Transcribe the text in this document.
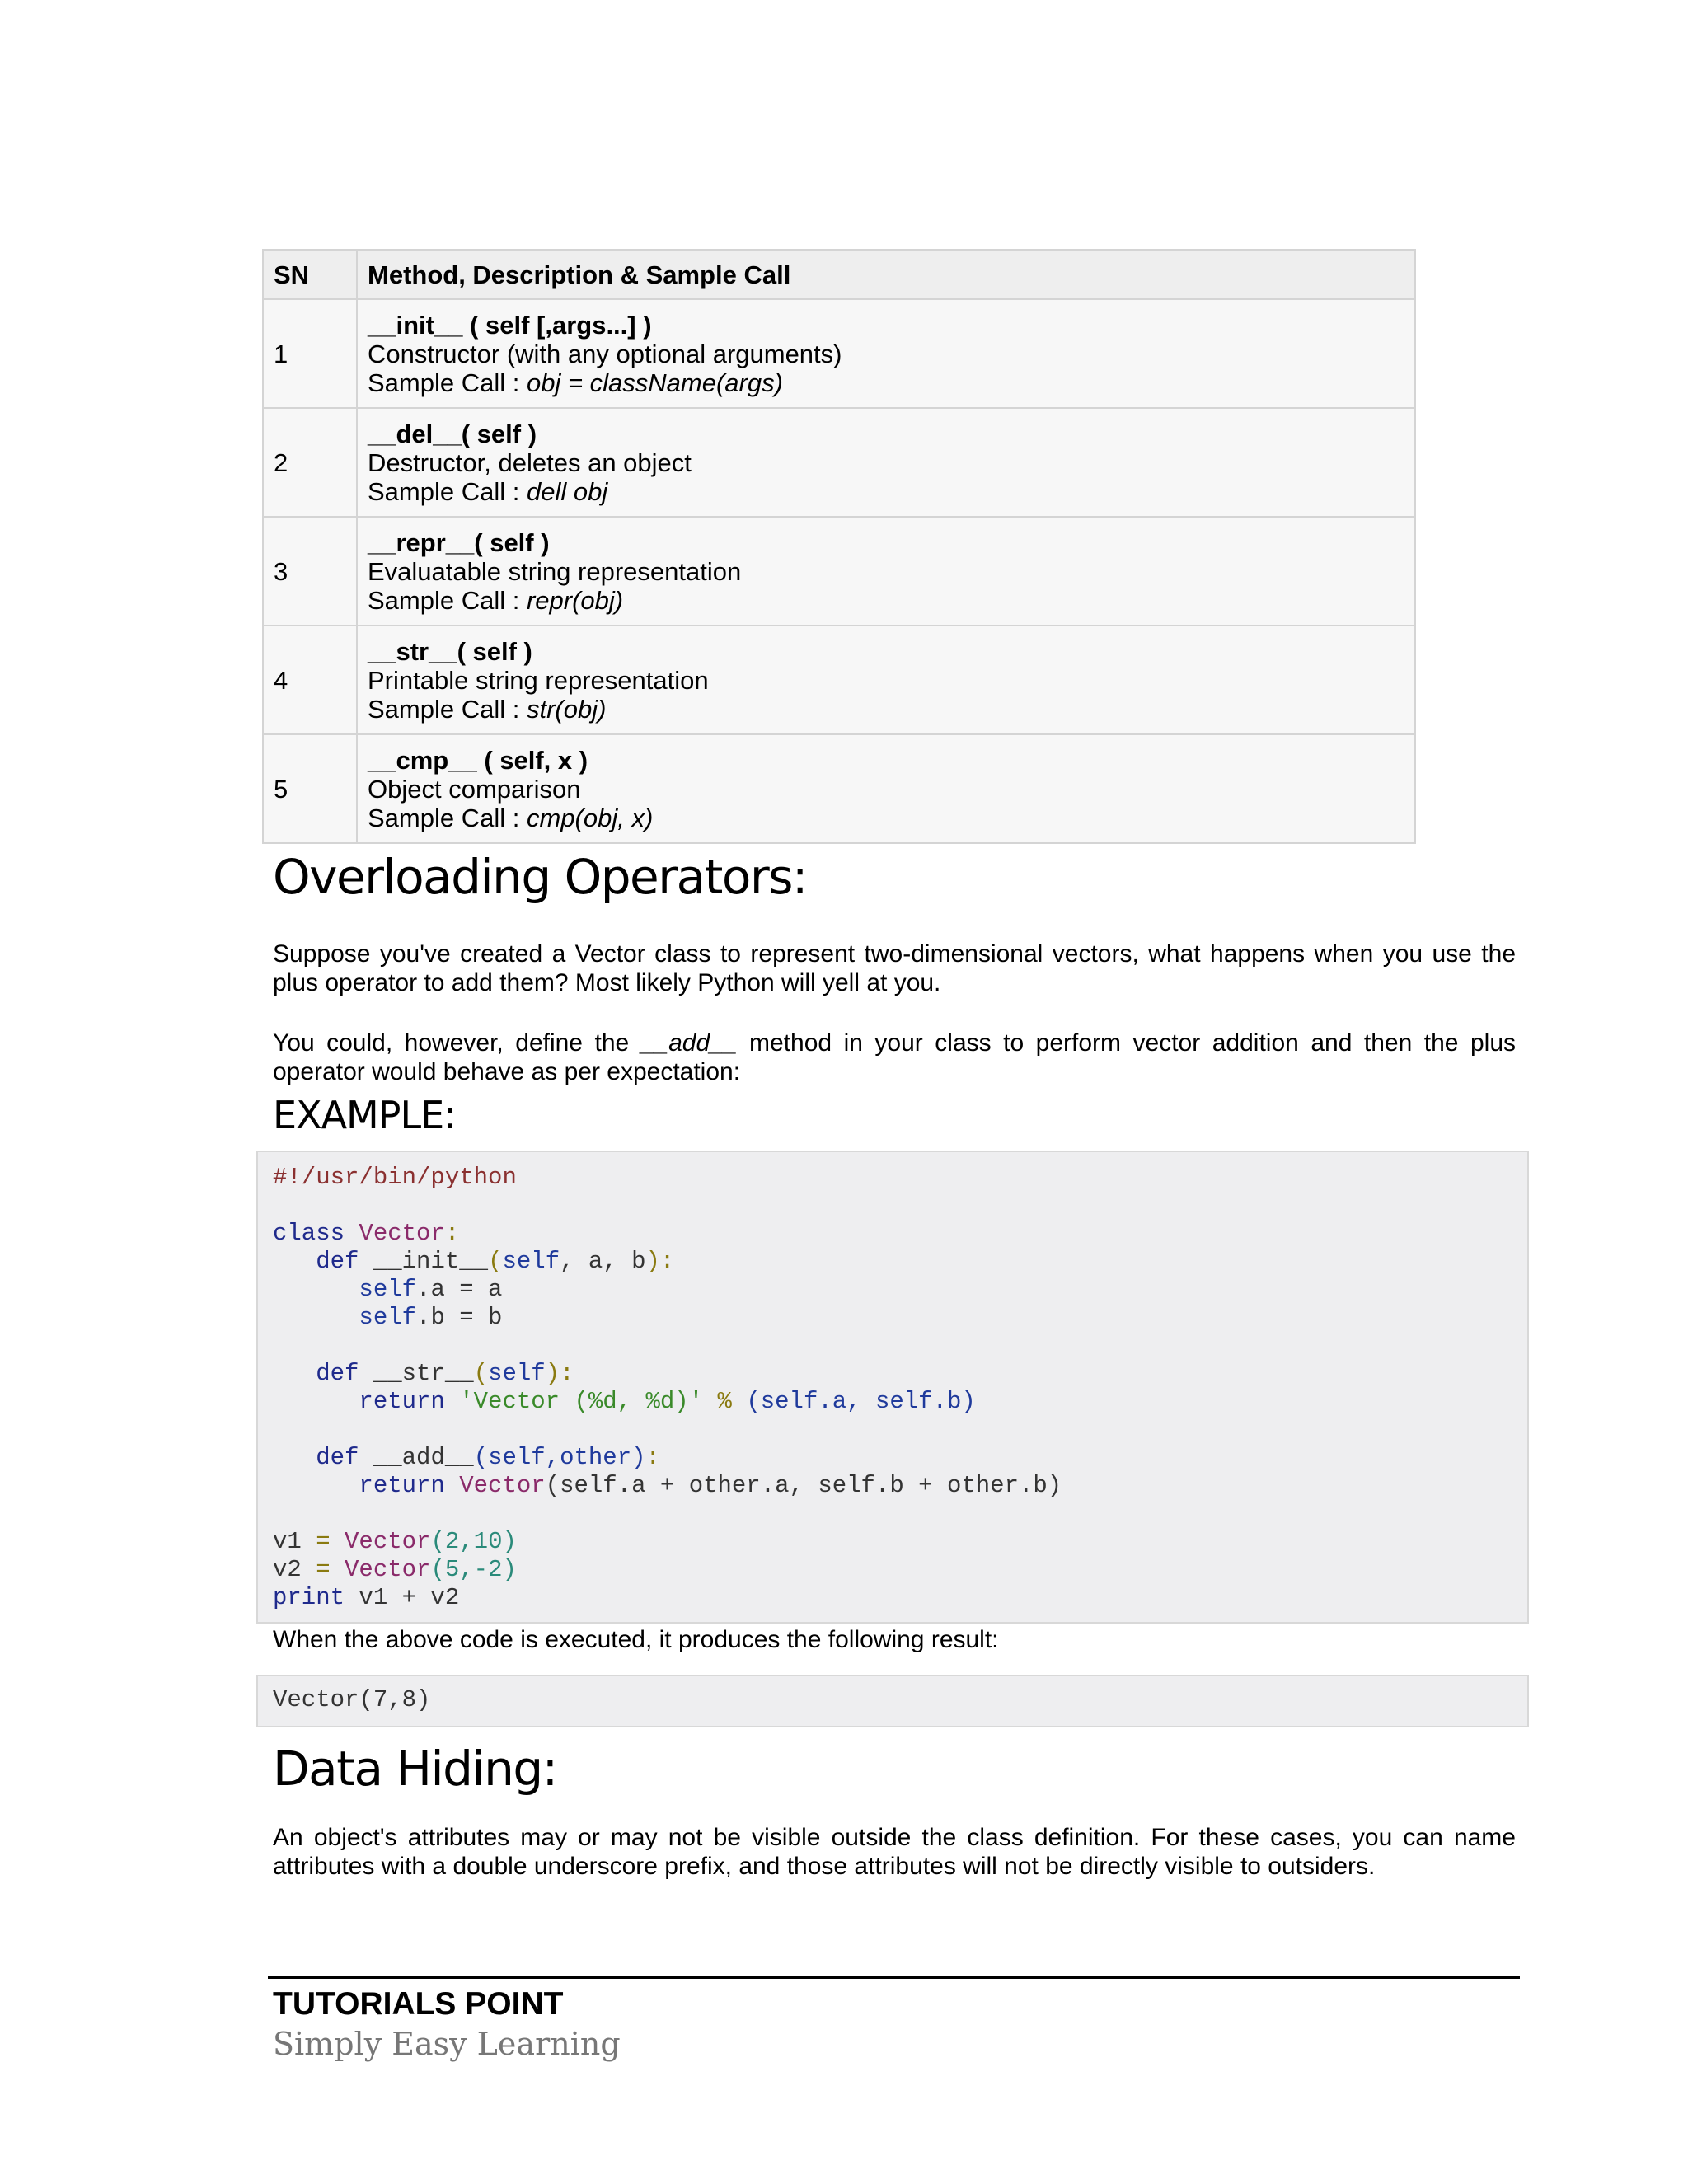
SN	Method, Description & Sample Call
1	__init__ ( self [,args...] )
Constructor (with any optional arguments)
Sample Call : obj = className(args)

2	__del__( self )
Destructor, deletes an object
Sample Call : dell obj

3	__repr__( self )
Evaluatable string representation
Sample Call : repr(obj)

4	__str__( self )
Printable string representation
Sample Call : str(obj)

5	__cmp__ ( self, x )
Object comparison
Sample Call : cmp(obj, x)
Overloading Operators:

Suppose you've created a Vector class to represent two-dimensional vectors, what happens when you use the plus operator to add them? Most likely Python will yell at you.

You could, however, define the __add__ method in your class to perform vector addition and then the plus operator would behave as per expectation:

EXAMPLE:
#!/usr/bin/python

class Vector:
def __init__(self, a, b):
self.a = a
self.b = b

def __str__(self):
return 'Vector (%d, %d)' % (self.a, self.b)

def __add__(self,other):
return Vector(self.a + other.a, self.b + other.b)

v1 = Vector(2,10)
v2 = Vector(5,-2)
print v1 + v2

When the above code is executed, it produces the following result:

Vector(7,8)
Data Hiding:

An object's attributes may or may not be visible outside the class definition. For these cases, you can name attributes with a double underscore prefix, and those attributes will not be directly visible to outsiders.

TUTORIALS POINT
Simply Easy Learning
